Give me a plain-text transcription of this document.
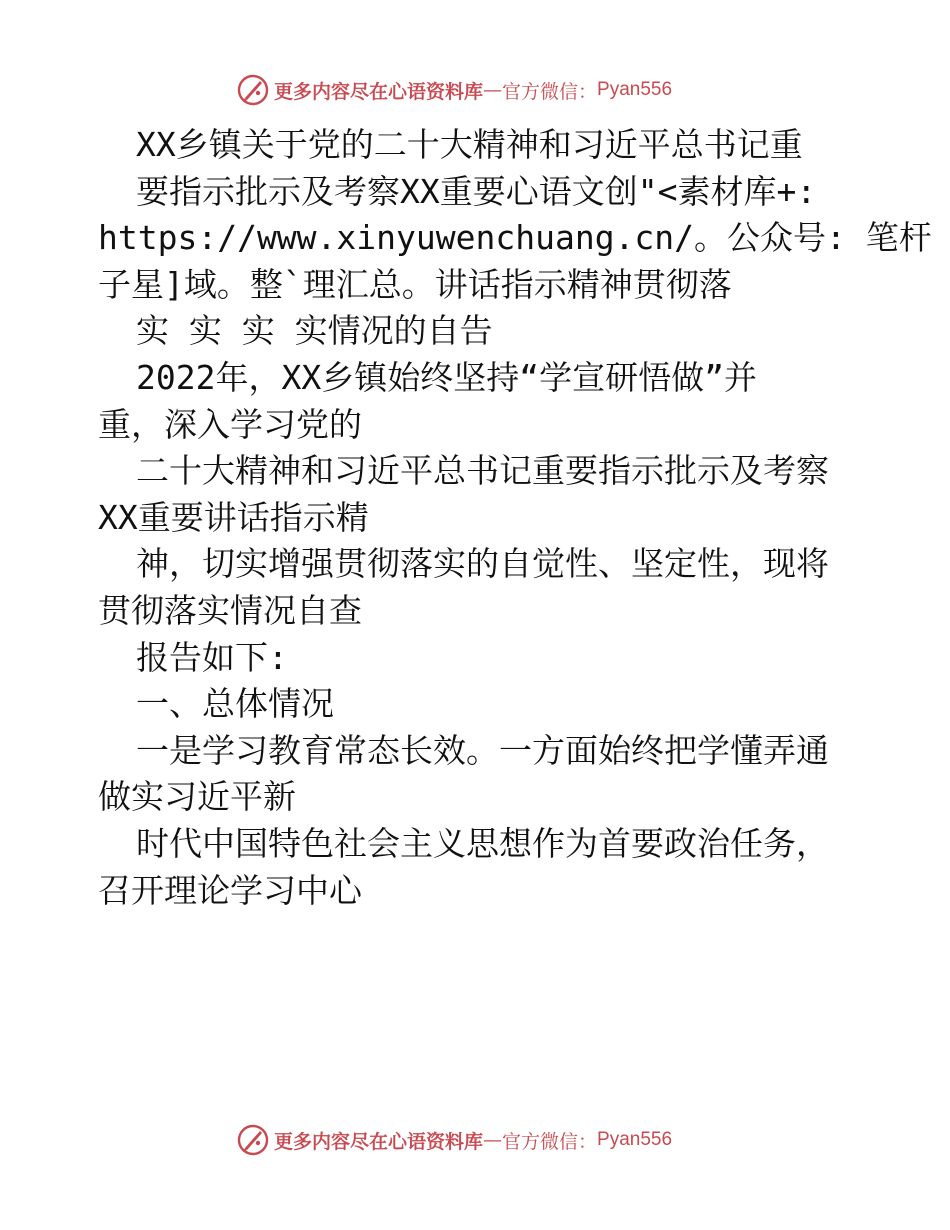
更多内容尽在心语资料库 — 官方微信： Pyan556
XX乡镇关于党的二十大精神和习近平总书记重
要指示批示及考察XX重要心语文创"<素材库+:
https://www.xinyuwenchuang.cn/。公众号: 笔杆
子星]域。整`理汇总。讲话指示精神贯彻落
实 实 实 实情况的自告
2022年，XX乡镇始终坚持“学宣研悟做”并
重，深入学习党的
二十大精神和习近平总书记重要指示批示及考察
XX重要讲话指示精
神，切实增强贯彻落实的自觉性、坚定性，现将
贯彻落实情况自查
报告如下:
一、总体情况
一是学习教育常态长效。一方面始终把学懂弄通
做实习近平新
时代中国特色社会主义思想作为首要政治任务，
召开理论学习中心
更多内容尽在心语资料库 — 官方微信： Pyan556
